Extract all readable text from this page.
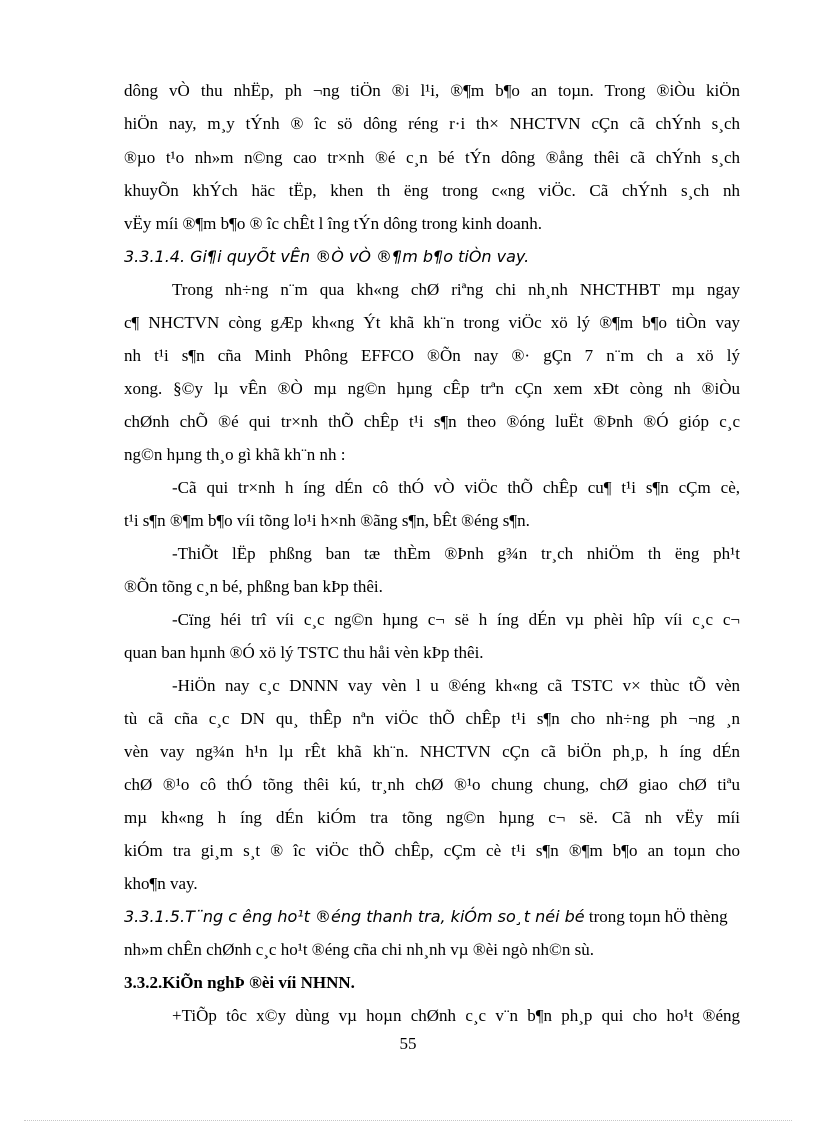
dông vÒ thu nhËp, ph ¬ng tiÖn ®i l¹i, ®¶m b¶o an toµn. Trong ®iÒu kiÖn
hiÖn nay, m¸y tÝnh ® îc sö dông réng r·i th× NHCTVN cÇn cã chÝnh s¸ch
®µo t¹o nh»m n©ng cao tr×nh ®é c¸n bé tÝn dông ®ång thêi cã chÝnh s¸ch
khuyÕn khÝch häc tËp, khen th ëng trong c«ng viÖc. Cã chÝnh s¸ch nh
vËy míi ®¶m b¶o ® îc chÊt l îng tÝn dông trong kinh doanh.
3.3.1.4. Gi¶i quyÕt vÊn ®Ò vÒ ®¶m b¶o tiÒn vay.
Trong nh÷ng n¨m qua kh«ng chØ riªng chi nh¸nh NHCTHBT mµ ngay
c¶ NHCTVN còng gÆp kh«ng Ýt khã kh¨n trong viÖc xö lý ®¶m b¶o tiÒn vay
nh t¹i s¶n cña Minh Phông EFFCO ®Õn nay ®· gÇn 7 n¨m ch a xö lý
xong. §©y lµ vÊn ®Ò mµ ng©n hµng cÊp trªn cÇn xem xÐt còng nh ®iÒu
chØnh chÕ ®é qui tr×nh thÕ chÊp t¹i s¶n theo ®óng luËt ®Þnh ®Ó gióp c¸c
ng©n hµng th¸o gì khã kh¨n nh :
-Cã qui tr×nh h íng dÉn cô thÓ vÒ viÖc thÕ chÊp cu¶ t¹i s¶n cÇm cè,
t¹i s¶n ®¶m b¶o víi tõng lo¹i h×nh ®ãng s¶n, bÊt ®éng s¶n.
-ThiÕt lËp phßng ban tæ thÈm ®Þnh g¾n tr¸ch nhiÖm th ëng ph¹t
®Õn tõng c¸n bé, phßng ban kÞp thêi.
-Cïng héi trî víi c¸c ng©n hµng c¬ së h íng dÉn vµ phèi hîp víi c¸c c¬
quan ban hµnh ®Ó xö lý TSTC thu håi vèn kÞp thêi.
-HiÖn nay c¸c DNNN vay vèn l u ®éng kh«ng cã TSTC v× thùc tÕ vèn
tù cã cña c¸c DN qu¸ thÊp nªn viÖc thÕ chÊp t¹i s¶n cho nh÷ng ph ¬ng ¸n
vèn vay ng¾n h¹n lµ rÊt khã kh¨n. NHCTVN cÇn cã biÖn ph¸p, h íng dÉn
chØ ®¹o cô thÓ tõng thêi kú, tr¸nh chØ ®¹o chung chung, chØ giao chØ tiªu
mµ kh«ng h íng dÉn kiÓm tra tõng ng©n hµng c¬ së. Cã nh vËy míi
kiÓm tra gi¸m s¸t ® îc viÖc thÕ chÊp, cÇm cè t¹i s¶n ®¶m b¶o an toµn cho
kho¶n vay.
3.3.1.5.T¨ng c êng ho¹t ®éng thanh tra, kiÓm so¸t néi bé trong toµn hÖ thèng
nh»m chÊn chØnh c¸c ho¹t ®éng cña chi nh¸nh vµ ®èi ngò nh©n sù.
3.3.2.KiÕn nghÞ ®èi víi NHNN.
+TiÕp tôc x©y dùng vµ hoµn chØnh c¸c v¨n b¶n ph¸p qui cho ho¹t ®éng
55
